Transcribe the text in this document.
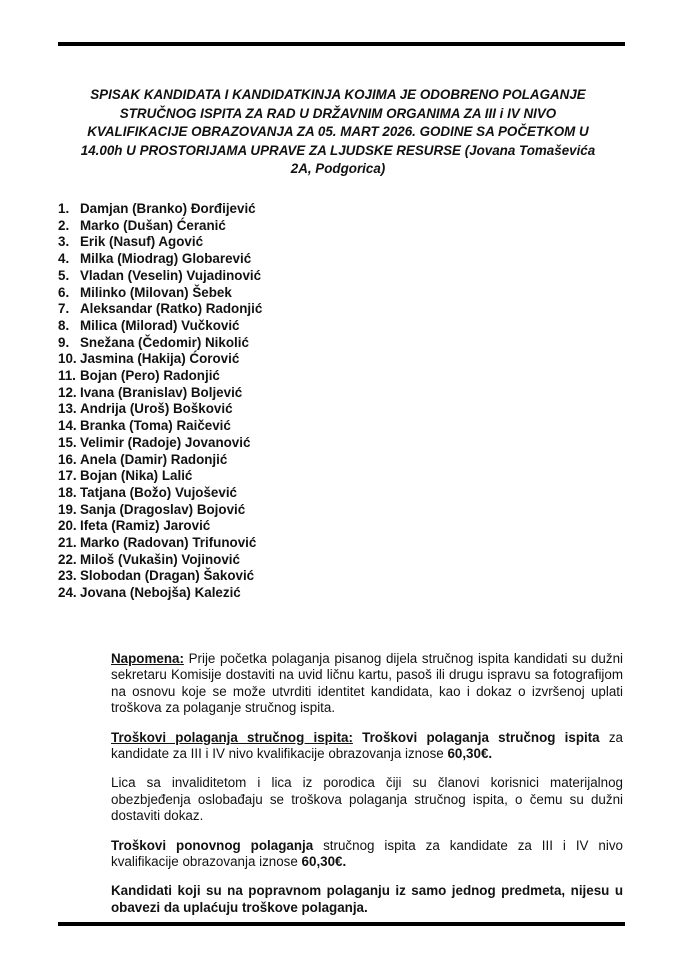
SPISAK KANDIDATA I KANDIDATKINJA KOJIMA JE ODOBRENO POLAGANJE
STRUČNOG ISPITA ZA RAD U DRŽAVNIM ORGANIMA ZA III i IV NIVO
KVALIFIKACIJE OBRAZOVANJA ZA 05. MART 2026. GODINE SA POČETKOM U
14.00h U PROSTORIJAMA UPRAVE ZA LJUDSKE RESURSE (Jovana Tomaševića
2A, Podgorica)
1. Damjan (Branko) Đorđijević
2. Marko (Dušan) Ćeranić
3. Erik (Nasuf) Agović
4. Milka (Miodrag) Globarević
5. Vladan (Veselin) Vujadinović
6. Milinko (Milovan) Šebek
7. Aleksandar (Ratko) Radonjić
8. Milica (Milorad) Vučković
9. Snežana (Čedomir) Nikolić
10. Jasmina (Hakija) Ćorović
11. Bojan (Pero) Radonjić
12. Ivana (Branislav) Boljević
13. Andrija (Uroš) Bošković
14. Branka (Toma) Raičević
15. Velimir (Radoje) Jovanović
16. Anela (Damir) Radonjić
17. Bojan (Nika) Lalić
18. Tatjana (Božo) Vujošević
19. Sanja (Dragoslav) Bojović
20. Ifeta (Ramiz) Jarović
21. Marko (Radovan) Trifunović
22. Miloš (Vukašin) Vojinović
23. Slobodan (Dragan) Šaković
24. Jovana (Nebojša) Kalezić

Napomena: Prije početka polaganja pisanog dijela stručnog ispita kandidati su dužni sekretaru Komisije dostaviti na uvid ličnu kartu, pasoš ili drugu ispravu sa fotografijom na osnovu koje se može utvrditi identitet kandidata, kao i dokaz o izvršenoj uplati troškova za polaganje stručnog ispita.

Troškovi polaganja stručnog ispita: Troškovi polaganja stručnog ispita za kandidate za III i IV nivo kvalifikacije obrazovanja iznose 60,30€.

Lica sa invaliditetom i lica iz porodica čiji su članovi korisnici materijalnog obezbjeđenja oslobađaju se troškova polaganja stručnog ispita, o čemu su dužni dostaviti dokaz.

Troškovi ponovnog polaganja stručnog ispita za kandidate za III i IV nivo kvalifikacije obrazovanja iznose 60,30€.

Kandidati koji su na popravnom polaganju iz samo jednog predmeta, nijesu u obavezi da uplaćuju troškove polaganja.
